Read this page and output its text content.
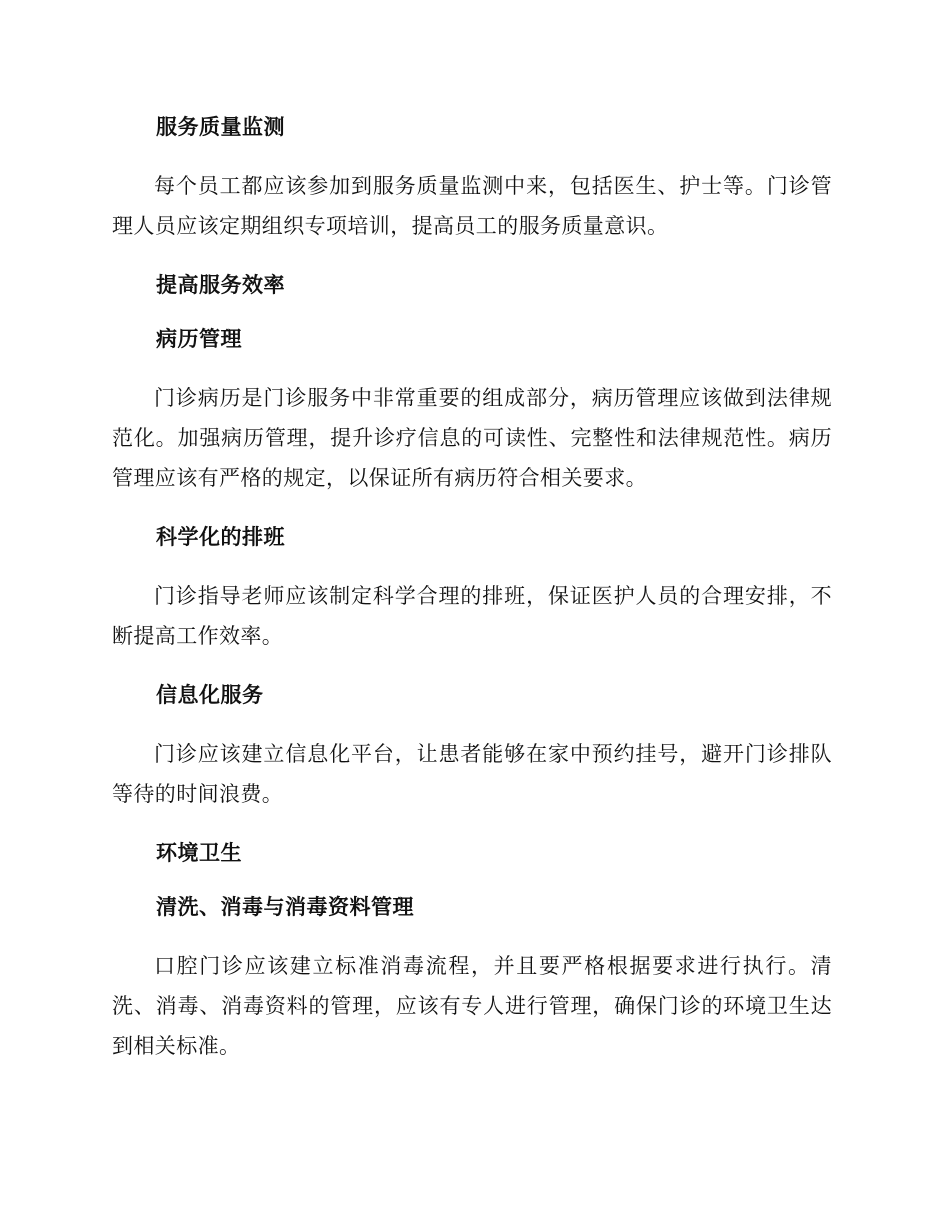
服务质量监测

每个员工都应该参加到服务质量监测中来，包括医生、护士等。门诊管理人员应该定期组织专项培训，提高员工的服务质量意识。

提高服务效率
病历管理

门诊病历是门诊服务中非常重要的组成部分，病历管理应该做到法律规范化。加强病历管理，提升诊疗信息的可读性、完整性和法律规范性。病历管理应该有严格的规定，以保证所有病历符合相关要求。

科学化的排班

门诊指导老师应该制定科学合理的排班，保证医护人员的合理安排，不断提高工作效率。

信息化服务

门诊应该建立信息化平台，让患者能够在家中预约挂号，避开门诊排队等待的时间浪费。

环境卫生
清洗、消毒与消毒资料管理

口腔门诊应该建立标准消毒流程，并且要严格根据要求进行执行。清洗、消毒、消毒资料的管理，应该有专人进行管理，确保门诊的环境卫生达到相关标准。
